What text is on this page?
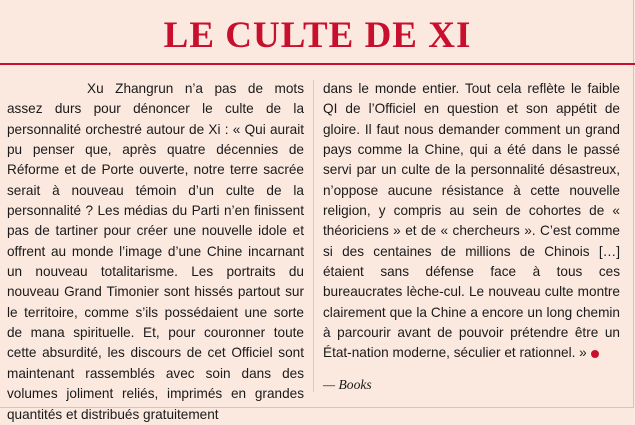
LE CULTE DE XI

Xu Zhangrun n’a pas de mots assez durs pour dénoncer le culte de la personnalité orchestré autour de Xi : « Qui aurait pu penser que, après quatre décennies de Réforme et de Porte ouverte, notre terre sacrée serait à nouveau témoin d’un culte de la personnalité ? Les médias du Parti n’en finissent pas de tartiner pour créer une nouvelle idole et offrent au monde l’image d’une Chine incarnant un nouveau totalitarisme. Les portraits du nouveau Grand Timonier sont hissés partout sur le territoire, comme s’ils possédaient une sorte de mana spirituelle. Et, pour couronner toute cette absurdité, les discours de cet Officiel sont maintenant rassemblés avec soin dans des volumes joliment reliés, imprimés en grandes quantités et distribués gratuitement

dans le monde entier. Tout cela reflète le faible QI de l’Officiel en question et son appétit de gloire. Il faut nous demander comment un grand pays comme la Chine, qui a été dans le passé servi par un culte de la personnalité désastreux, n’oppose aucune résistance à cette nouvelle religion, y compris au sein de cohortes de « théoriciens » et de « chercheurs ». C’est comme si des centaines de millions de Chinois […] étaient sans défense face à tous ces bureaucrates lèche-cul. Le nouveau culte montre clairement que la Chine a encore un long chemin à parcourir avant de pouvoir prétendre être un État-nation moderne, séculier et rationnel. »

— Books
